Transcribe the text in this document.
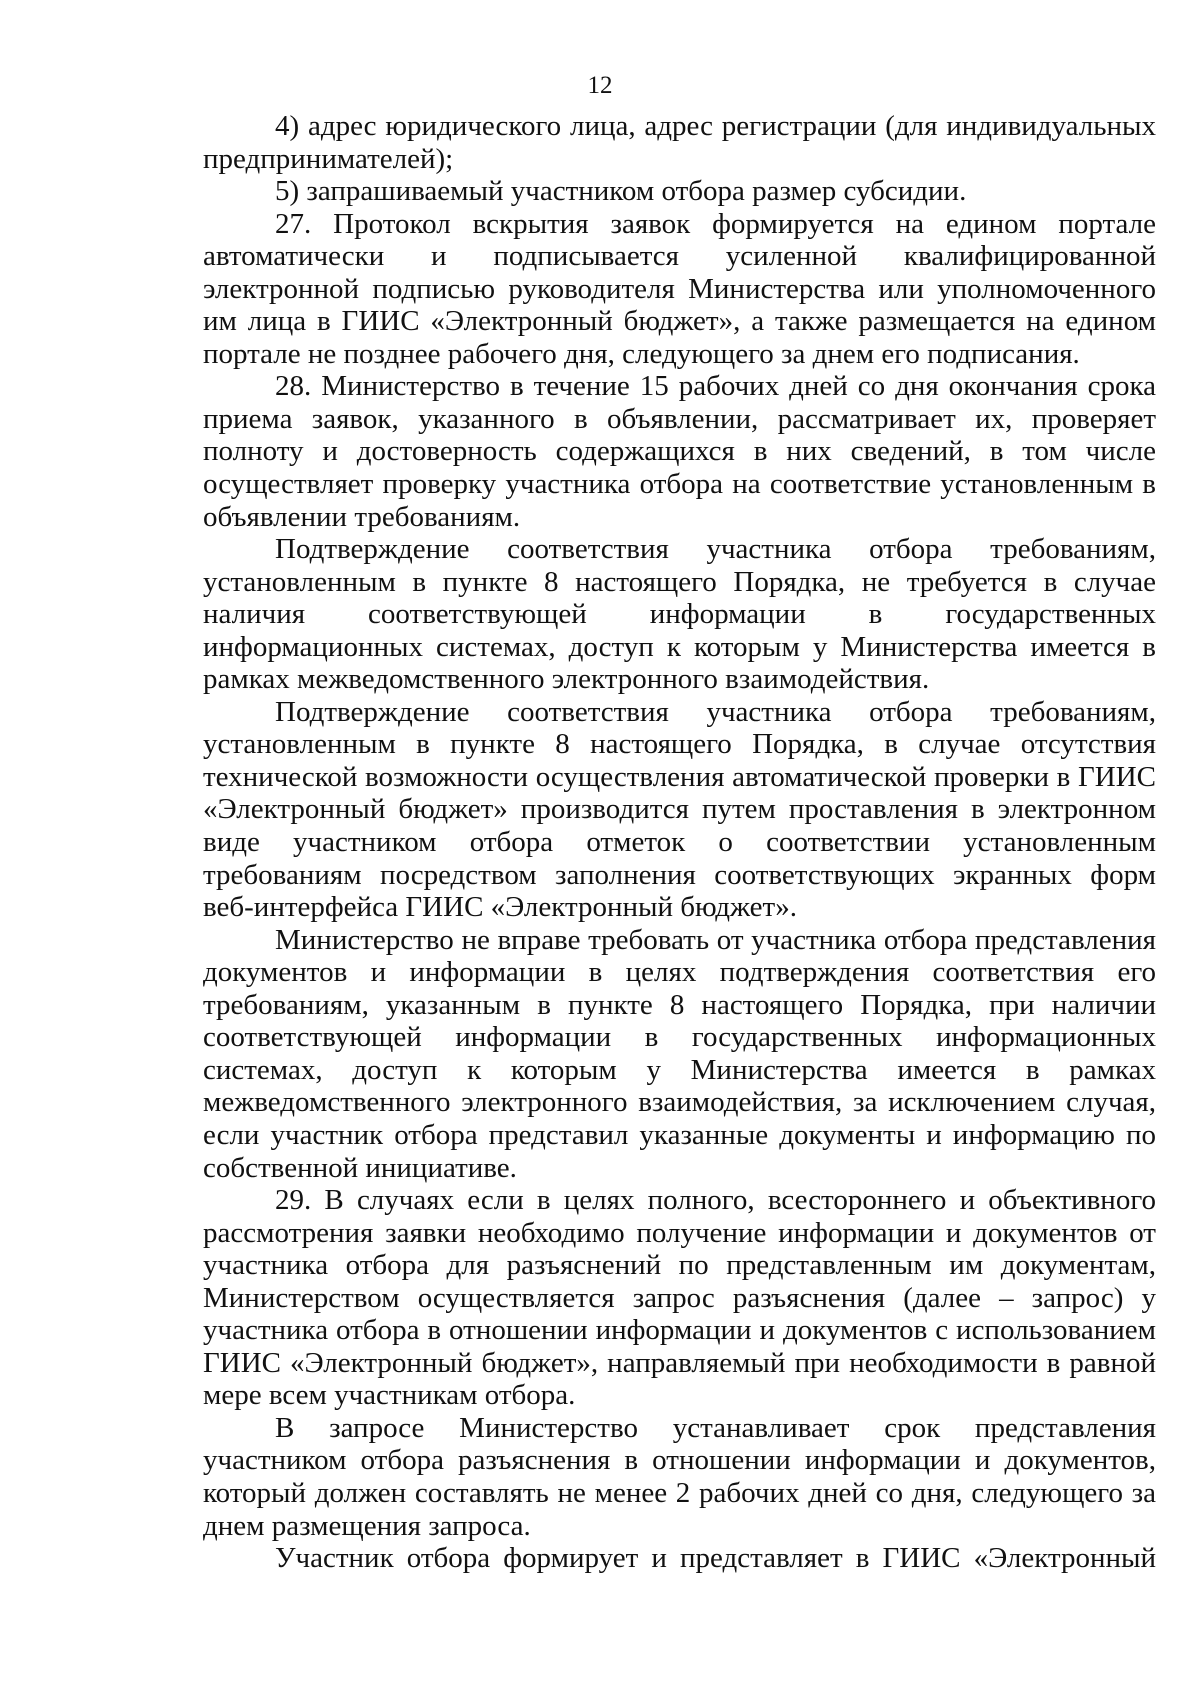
12

4) адрес юридического лица, адрес регистрации (для индивидуальных предпринимателей);

5) запрашиваемый участником отбора размер субсидии.

27. Протокол вскрытия заявок формируется на едином портале автоматически и подписывается усиленной квалифицированной электронной подписью руководителя Министерства или уполномоченного им лица в ГИИС «Электронный бюджет», а также размещается на едином портале не позднее рабочего дня, следующего за днем его подписания.

28. Министерство в течение 15 рабочих дней со дня окончания срока приема заявок, указанного в объявлении, рассматривает их, проверяет полноту и достоверность содержащихся в них сведений, в том числе осуществляет проверку участника отбора на соответствие установленным в объявлении требованиям.

Подтверждение соответствия участника отбора требованиям, установленным в пункте 8 настоящего Порядка, не требуется в случае наличия соответствующей информации в государственных информационных системах, доступ к которым у Министерства имеется в рамках межведомственного электронного взаимодействия.

Подтверждение соответствия участника отбора требованиям, установленным в пункте 8 настоящего Порядка, в случае отсутствия технической возможности осуществления автоматической проверки в ГИИС «Электронный бюджет» производится путем проставления в электронном виде участником отбора отметок о соответствии установленным требованиям посредством заполнения соответствующих экранных форм веб-интерфейса ГИИС «Электронный бюджет».

Министерство не вправе требовать от участника отбора представления документов и информации в целях подтверждения соответствия его требованиям, указанным в пункте 8 настоящего Порядка, при наличии соответствующей информации в государственных информационных системах, доступ к которым у Министерства имеется в рамках межведомственного электронного взаимодействия, за исключением случая, если участник отбора представил указанные документы и информацию по собственной инициативе.

29. В случаях если в целях полного, всестороннего и объективного рассмотрения заявки необходимо получение информации и документов от участника отбора для разъяснений по представленным им документам, Министерством осуществляется запрос разъяснения (далее – запрос) у участника отбора в отношении информации и документов с использованием ГИИС «Электронный бюджет», направляемый при необходимости в равной мере всем участникам отбора.

В запросе Министерство устанавливает срок представления участником отбора разъяснения в отношении информации и документов, который должен составлять не менее 2 рабочих дней со дня, следующего за днем размещения запроса.

Участник отбора формирует и представляет в ГИИС «Электронный
